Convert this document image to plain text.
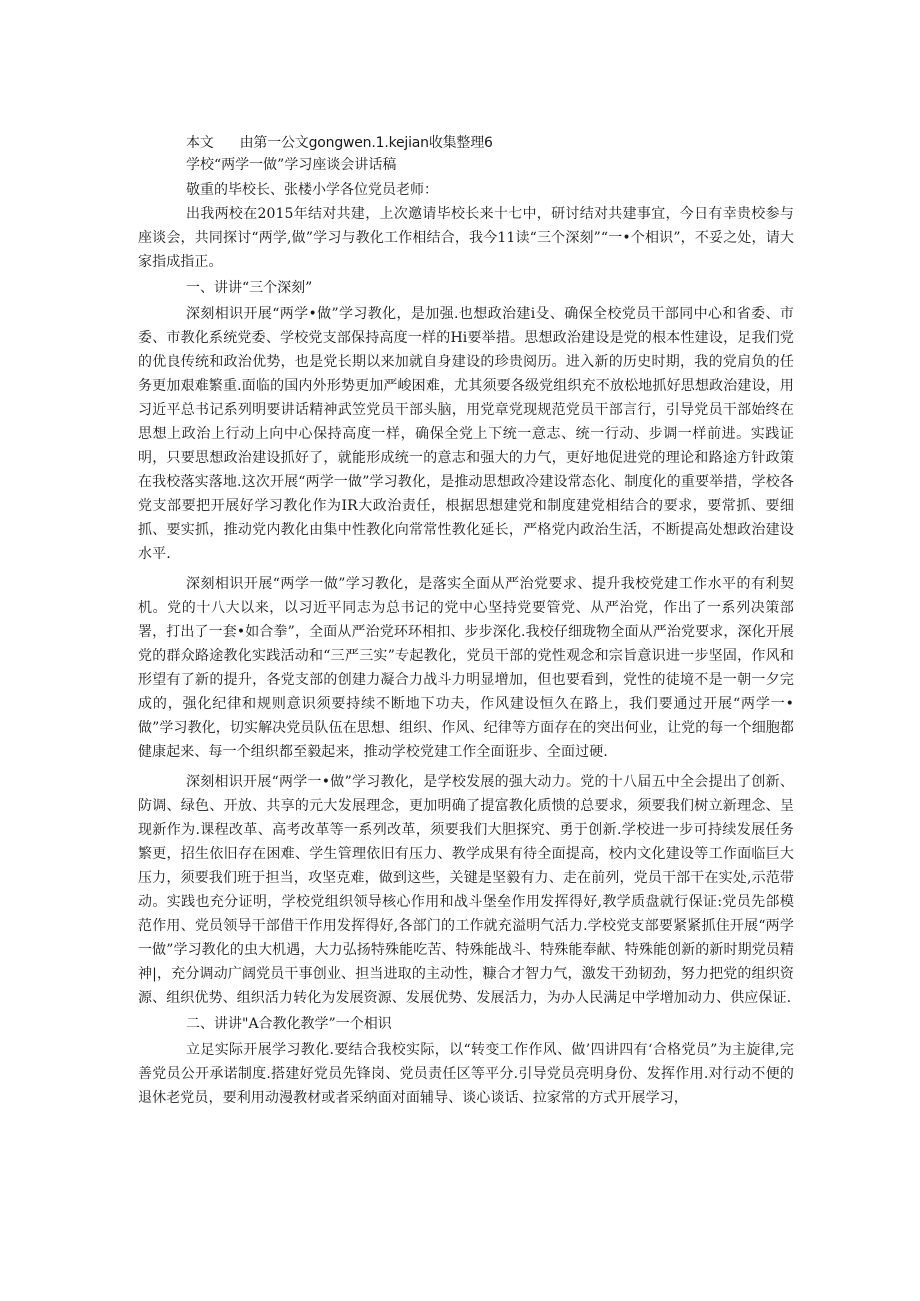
本文 由第一公文gongwen.1.kejian收集整理6
学校“两学一做”学习座谈会讲话稿
敬重的毕校长、张楼小学各位党员老师：

出我两校在2015年结对共建，上次邀请毕校长来十七中，研讨结对共建事宜，今日有幸贵校参与座谈会，共同探讨“两学,做”学习与教化工作相结合，我今11读“三个深刻”“一•个相识”，不妥之处，请大家指成指正。

一、讲讲“三个深刻”

深刻相识开展“两学•做”学习教化，是加强.也想政治建i殳、确保全校党员干部同中心和省委、市委、市教化系统党委、学校党支部保持高度一样的Hi要举措。思想政治建设是党的根本性建设，足我们党的优良传统和政治优势，也是党长期以来加就自身建设的珍贵阅历。进入新的历史时期，我的党肩负的任务更加艰难繁重.面临的国内外形势更加严峻困难，尤其须要各级党组织充不放松地抓好思想政治建设，用习近平总书记系列明要讲话精神武笠党员干部头脑，用党章党现规范党员干部言行，引导党员干部始终在思想上政治上行动上向中心保持高度一样，确保全党上下统一意志、统一行动、步调一样前进。实践证明，只要思想政治建设抓好了，就能形成统一的意志和强大的力气，更好地促进党的理论和路途方针政策在我校落实落地.这次开展“两学一做”学习教化，是推动思想政冷建设常态化、制度化的重要举措，学校各党支部要把开展好学习教化作为IR大政治责任，根据思想建党和制度建党相结合的要求，要常抓、要细抓、要实抓，推动党内教化由集中性教化向常常性教化延长，严格党内政治生活，不断提高处想政治建设水平.

深刻相识开展“两学一做”学习教化，是落实全面从严治党要求、提升我校党建工作水平的有利契机。党的十八大以来，以习近平同志为总书记的党中心坚持党要管党、从严治党，作出了一系列决策部署，打出了一套•如合拳”，全面从严治党环环相扣、步步深化.我校仔细珑物全面从严治党要求，深化开展党的群众路途教化实践活动和“三严三实”专起教化，党员干部的党性观念和宗旨意识进一步坚固，作风和形望有了新的提升，各党支部的创建力凝合力战斗力明显增加，但也要看到，党性的徒境不是一朝一夕完成的，强化纪律和规则意识须要持续不断地下功夫，作风建设恒久在路上，我们要通过开展“两学一•做”学习教化，切实解决党员队伍在思想、组织、作风、纪律等方面存在的突出何业，让党的每一个细胞都健康起来、每一个组织都至毅起来，推动学校党建工作全面诳步、全面过硬.

深刻相识开展“两学一•做”学习教化，是学校发展的强大动力。党的十八届五中全会提出了创新、防调、绿色、开放、共享的元大发展理念，更加明确了提富教化质愦的总要求，须要我们树立新理念、呈现新作为.课程改革、高考改革等一系列改革，须要我们大胆探究、勇于创新.学校进一步可持续发展任务繁更，招生依旧存在困难、学生管理依旧有压力、教学成果有待全面提高，校内文化建设等工作面临巨大压力，须要我们班于担当，攻坚克难，做到这些，关键是坚毅有力、走在前列，党员干部干在实处,示范带动。实践也充分证明，学校党组织领导核心作用和战斗堡垒作用发挥得好,教学质盘就行保证:党员先郃模范作用、党员领导干部借干作用发挥得好,各部门的工作就充溢明气活力.学校党支部要紧紧抓住开展“两学一做”学习教化的虫大机遇，大力弘扬特殊能吃苦、特殊能战斗、特殊能奉献、特殊能创新的新时期党员精神|，充分调动广阔党员干事创业、担当进取的主动性，糠合才智力气，激发干劲韧劲，努力把党的组织资源、组织优势、组织活力转化为发展资源、发展优势、发展活力，为办人民满足中学增加动力、供应保证.

二、讲讲"A合教化教学”一个相识

立足实际开展学习教化.要结合我校实际，以“转变工作作风、做’四讲四有‘合格党员”为主旋律,完善党员公开承诺制度.搭建好党员先锋岗、党员责任区等平分.引导党员亮明身份、发挥作用.对行动不便的退休老党员，要利用动漫教材或者采纳面对面辅导、谈心谈话、拉家常的方式开展学习，
